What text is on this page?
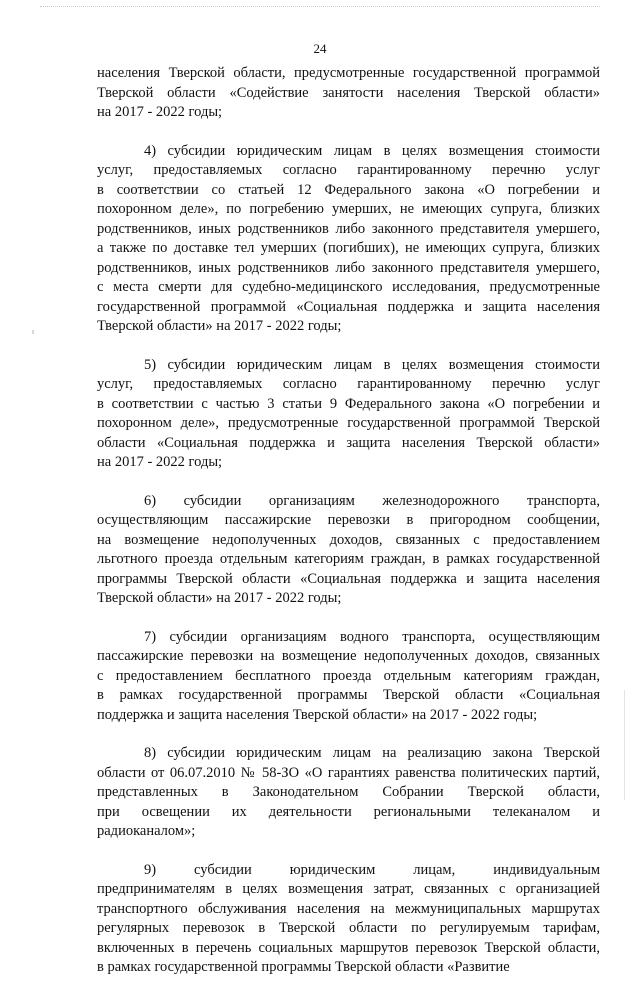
24

населения Тверской области, предусмотренные государственной программой
Тверской области «Содействие занятости населения Тверской области»
на 2017 - 2022 годы;

4) субсидии юридическим лицам в целях возмещения стоимости
услуг, предоставляемых согласно гарантированному перечню услуг
в соответствии со статьей 12 Федерального закона «О погребении и
похоронном деле», по погребению умерших, не имеющих супруга, близких
родственников, иных родственников либо законного представителя умершего,
а также по доставке тел умерших (погибших), не имеющих супруга, близких
родственников, иных родственников либо законного представителя умершего,
с места смерти для судебно-медицинского исследования, предусмотренные
государственной программой «Социальная поддержка и защита населения
Тверской области» на 2017 - 2022 годы;

5) субсидии юридическим лицам в целях возмещения стоимости
услуг, предоставляемых согласно гарантированному перечню услуг
в соответствии с частью 3 статьи 9 Федерального закона «О погребении и
похоронном деле», предусмотренные государственной программой Тверской
области «Социальная поддержка и защита населения Тверской области»
на 2017 - 2022 годы;

6) субсидии организациям железнодорожного транспорта,
осуществляющим пассажирские перевозки в пригородном сообщении,
на возмещение недополученных доходов, связанных с предоставлением
льготного проезда отдельным категориям граждан, в рамках государственной
программы Тверской области «Социальная поддержка и защита населения
Тверской области» на 2017 - 2022 годы;

7) субсидии организациям водного транспорта, осуществляющим
пассажирские перевозки на возмещение недополученных доходов, связанных
с предоставлением бесплатного проезда отдельным категориям граждан,
в рамках государственной программы Тверской области «Социальная
поддержка и защита населения Тверской области» на 2017 - 2022 годы;

8) субсидии юридическим лицам на реализацию закона Тверской
области от 06.07.2010 № 58-ЗО «О гарантиях равенства политических партий,
представленных в Законодательном Собрании Тверской области,
при освещении их деятельности региональными телеканалом и
радиоканалом»;

9) субсидии юридическим лицам, индивидуальным
предпринимателям в целях возмещения затрат, связанных с организацией
транспортного обслуживания населения на межмуниципальных маршрутах
регулярных перевозок в Тверской области по регулируемым тарифам,
включенных в перечень социальных маршрутов перевозок Тверской области,
в рамках государственной программы Тверской области «Развитие
